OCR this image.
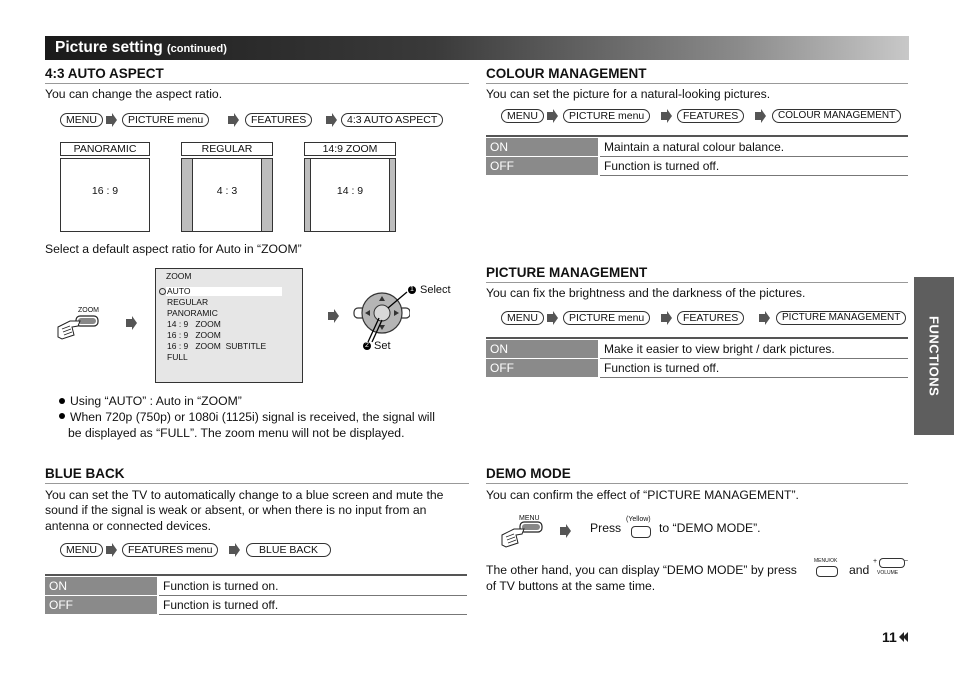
Picture setting (continued)
FUNCTIONS
4:3 AUTO ASPECT
You can change the aspect ratio.
MENU	PICTURE menu	FEATURES	4:3 AUTO ASPECT
PANORAMIC
16 : 9
REGULAR
4 : 3
14:9 ZOOM
14 : 9
Select a default aspect ratio for Auto in “ZOOM”
ZOOM
ZOOM
AUTO
REGULAR
PANORAMIC
14 : 9   ZOOM
16 : 9   ZOOM
16 : 9   ZOOM  SUBTITLE
FULL
1 Select
2 Set
Using “AUTO” : Auto in “ZOOM”
When 720p (750p) or 1080i (1125i) signal is received, the signal will
be displayed as “FULL”. The zoom menu will not be displayed.
BLUE BACK
You can set the TV to automatically change to a blue screen and mute the
sound if the signal is weak or absent, or when there is no input from an
antenna or connected devices.
MENU	FEATURES menu	BLUE BACK
ON	Function is turned on.
OFF	Function is turned off.
COLOUR MANAGEMENT
You can set the picture for a natural-looking pictures.
MENU	PICTURE menu	FEATURES	COLOUR MANAGEMENT
ON	Maintain a natural colour balance.
OFF	Function is turned off.
PICTURE MANAGEMENT
You can fix the brightness and the darkness of the pictures.
MENU	PICTURE menu	FEATURES	PICTURE MANAGEMENT
ON	Make it easier to view bright / dark pictures.
OFF	Function is turned off.
DEMO MODE
You can confirm the effect of “PICTURE MANAGEMENT”.
MENU
Press
(Yellow)
to “DEMO MODE”.
The other hand, you can display “DEMO MODE” by press
MENU/OK
and
+	−
VOLUME
of TV buttons at the same time.
11
